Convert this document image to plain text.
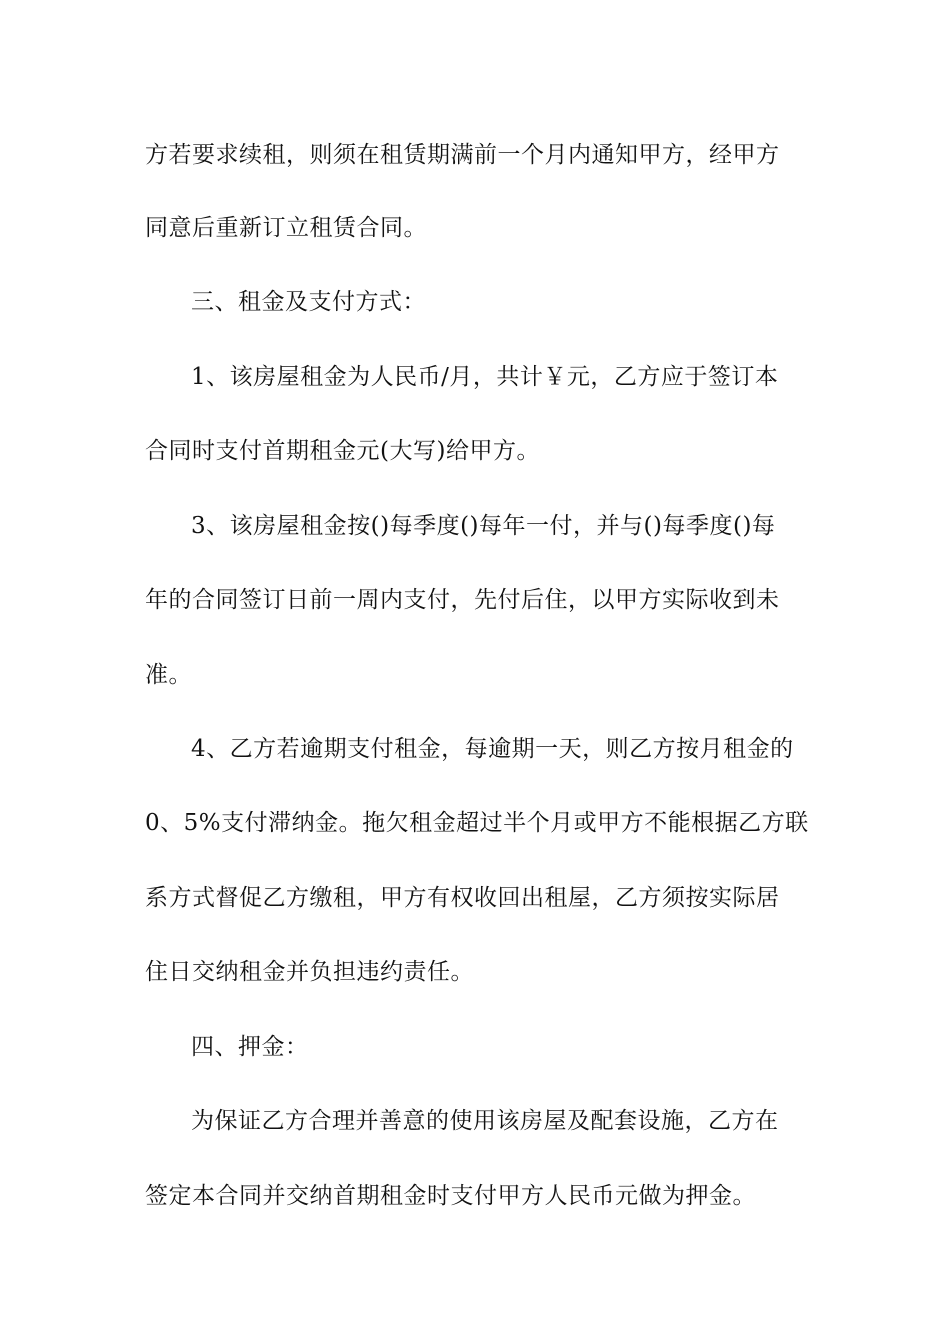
方若要求续租，则须在租赁期满前一个月内通知甲方，经甲方
同意后重新订立租赁合同。
三、租金及支付方式：
1、该房屋租金为人民币/月，共计￥元，乙方应于签订本
合同时支付首期租金元(大写)给甲方。
3、该房屋租金按()每季度()每年一付，并与()每季度()每
年的合同签订日前一周内支付，先付后住，以甲方实际收到未
准。
4、乙方若逾期支付租金，每逾期一天，则乙方按月租金的
0、5%支付滞纳金。拖欠租金超过半个月或甲方不能根据乙方联
系方式督促乙方缴租，甲方有权收回出租屋，乙方须按实际居
住日交纳租金并负担违约责任。
四、押金：
为保证乙方合理并善意的使用该房屋及配套设施，乙方在
签定本合同并交纳首期租金时支付甲方人民币元做为押金。
